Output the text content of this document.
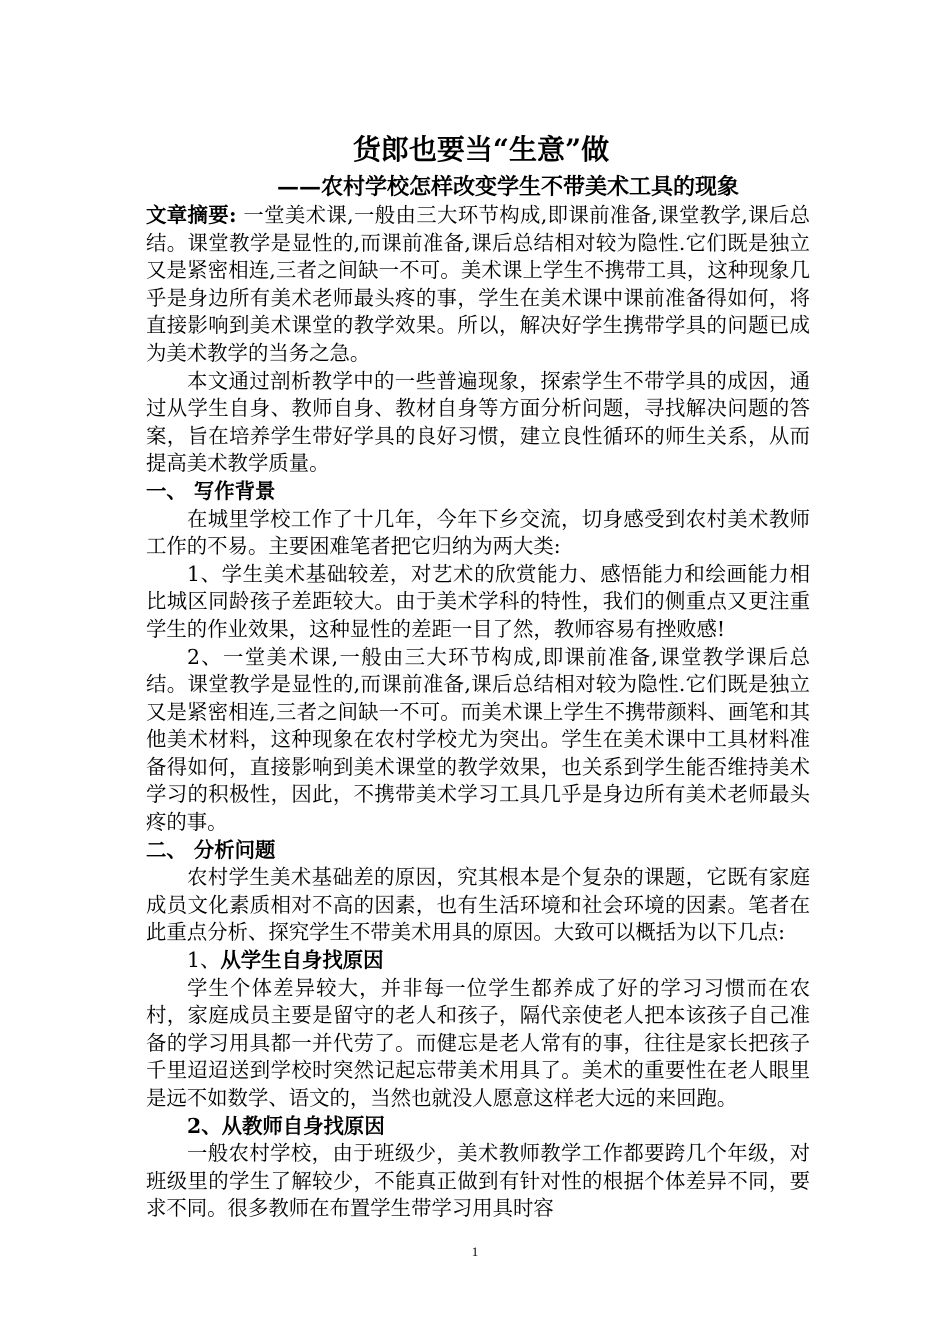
货郎也要当“生意”做
——农村学校怎样改变学生不带美术工具的现象

文章摘要: 一堂美术课,一般由三大环节构成,即课前准备,课堂教学,课后总结。课堂教学是显性的,而课前准备,课后总结相对较为隐性.它们既是独立又是紧密相连,三者之间缺一不可。美术课上学生不携带工具，这种现象几乎是身边所有美术老师最头疼的事，学生在美术课中课前准备得如何，将直接影响到美术课堂的教学效果。所以，解决好学生携带学具的问题已成为美术教学的当务之急。

本文通过剖析教学中的一些普遍现象，探索学生不带学具的成因，通过从学生自身、教师自身、教材自身等方面分析问题，寻找解决问题的答案，旨在培养学生带好学具的良好习惯，建立良性循环的师生关系，从而提高美术教学质量。

一、 写作背景

在城里学校工作了十几年，今年下乡交流，切身感受到农村美术教师工作的不易。主要困难笔者把它归纳为两大类:

1、学生美术基础较差，对艺术的欣赏能力、感悟能力和绘画能力相比城区同龄孩子差距较大。由于美术学科的特性，我们的侧重点又更注重学生的作业效果，这种显性的差距一目了然，教师容易有挫败感!

2、一堂美术课,一般由三大环节构成,即课前准备,课堂教学课后总结。课堂教学是显性的,而课前准备,课后总结相对较为隐性.它们既是独立又是紧密相连,三者之间缺一不可。而美术课上学生不携带颜料、画笔和其他美术材料，这种现象在农村学校尤为突出。学生在美术课中工具材料准备得如何，直接影响到美术课堂的教学效果，也关系到学生能否维持美术学习的积极性，因此，不携带美术学习工具几乎是身边所有美术老师最头疼的事。

二、 分析问题

农村学生美术基础差的原因，究其根本是个复杂的课题，它既有家庭成员文化素质相对不高的因素，也有生活环境和社会环境的因素。笔者在此重点分析、探究学生不带美术用具的原因。大致可以概括为以下几点:

1、从学生自身找原因

学生个体差异较大，并非每一位学生都养成了好的学习习惯而在农村，家庭成员主要是留守的老人和孩子，隔代亲使老人把本该孩子自己准备的学习用具都一并代劳了。而健忘是老人常有的事，往往是家长把孩子千里迢迢送到学校时突然记起忘带美术用具了。美术的重要性在老人眼里是远不如数学、语文的，当然也就没人愿意这样老大远的来回跑。

2、从教师自身找原因

一般农村学校，由于班级少，美术教师教学工作都要跨几个年级，对班级里的学生了解较少，不能真正做到有针对性的根据个体差异不同，要求不同。很多教师在布置学生带学习用具时容

1
